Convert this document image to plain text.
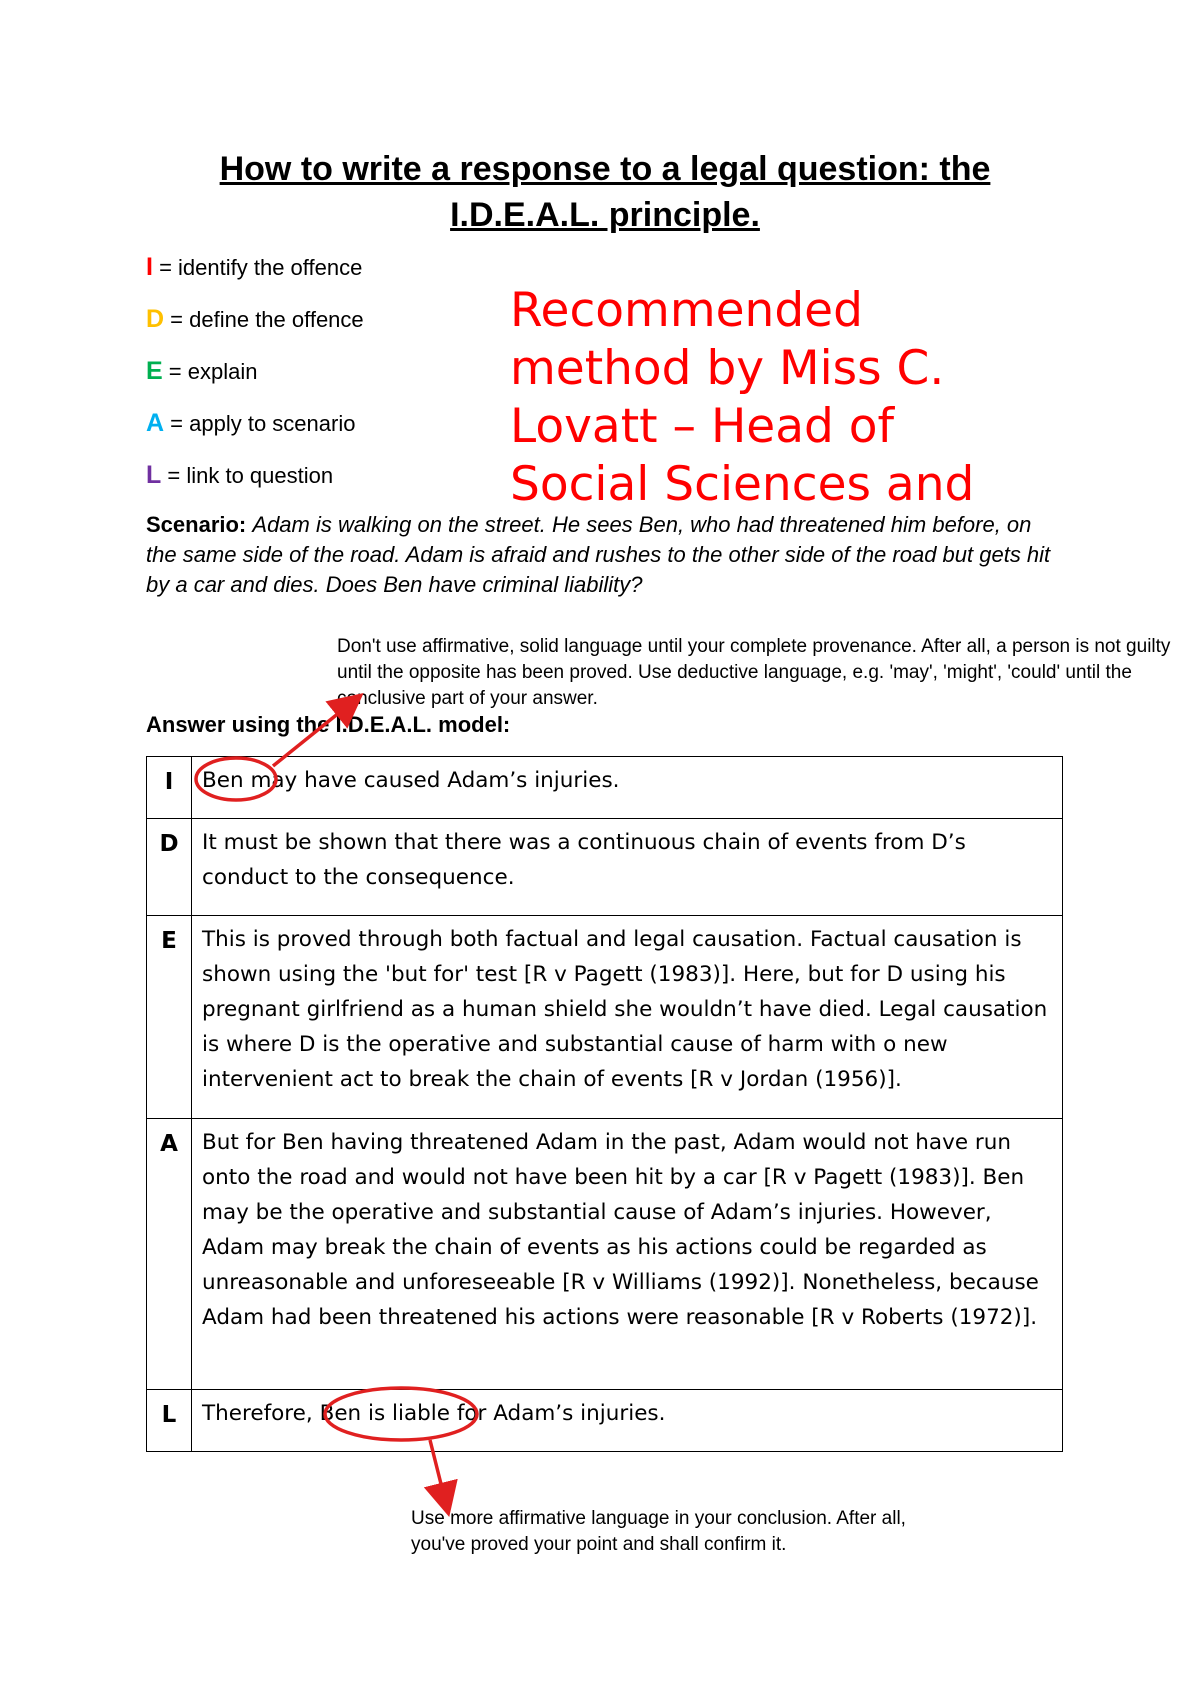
How to write a response to a legal question: the
I.D.E.A.L. principle.
I = identify the offence
D = define the offence
E = explain
A = apply to scenario
L = link to question
Recommended
method by Miss C.
Lovatt – Head of
Social Sciences and
Scenario: Adam is walking on the street. He sees Ben, who had threatened him before, on the same side of the road. Adam is afraid and rushes to the other side of the road but gets hit by a car and dies. Does Ben have criminal liability?
Don't use affirmative, solid language until your complete provenance. After all, a person is not guilty until the opposite has been proved. Use deductive language, e.g. 'may', 'might', 'could' until the conclusive part of your answer.
Answer using the I.D.E.A.L. model:
I	Ben may have caused Adam’s injuries.
D	It must be shown that there was a continuous chain of events from D’s conduct to the consequence.
E	This is proved through both factual and legal causation. Factual causation is shown using the 'but for' test [R v Pagett (1983)]. Here, but for D using his pregnant girlfriend as a human shield she wouldn’t have died. Legal causation is where D is the operative and substantial cause of harm with o new intervenient act to break the chain of events [R v Jordan (1956)].
A	But for Ben having threatened Adam in the past, Adam would not have run onto the road and would not have been hit by a car [R v Pagett (1983)]. Ben may be the operative and substantial cause of Adam’s injuries. However, Adam may break the chain of events as his actions could be regarded as unreasonable and unforeseeable [R v Williams (1992)]. Nonetheless, because Adam had been threatened his actions were reasonable [R v Roberts (1972)].
L	Therefore, Ben is liable for Adam’s injuries.
Use more affirmative language in your conclusion. After all, you've proved your point and shall confirm it.
